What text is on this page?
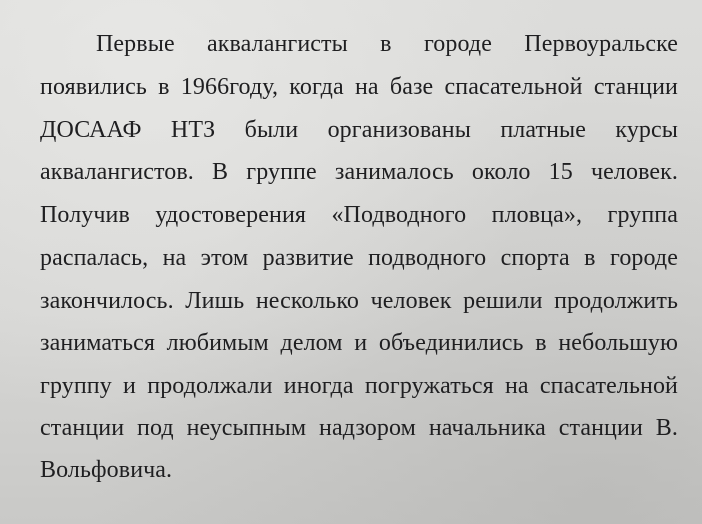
Первые аквалангисты в городе Первоуральске
появились в 1966году, когда на базе спасательной станции
ДОСААФ НТЗ были организованы платные курсы
аквалангистов. В группе занималось около 15 человек.
Получив удостоверения «Подводного пловца», группа
распалась, на этом развитие подводного спорта в городе
закончилось. Лишь несколько человек решили продолжить
заниматься любимым делом и объединились в небольшую
группу и продолжали иногда погружаться на спасательной
станции под неусыпным надзором начальника станции В.
Вольфовича.
